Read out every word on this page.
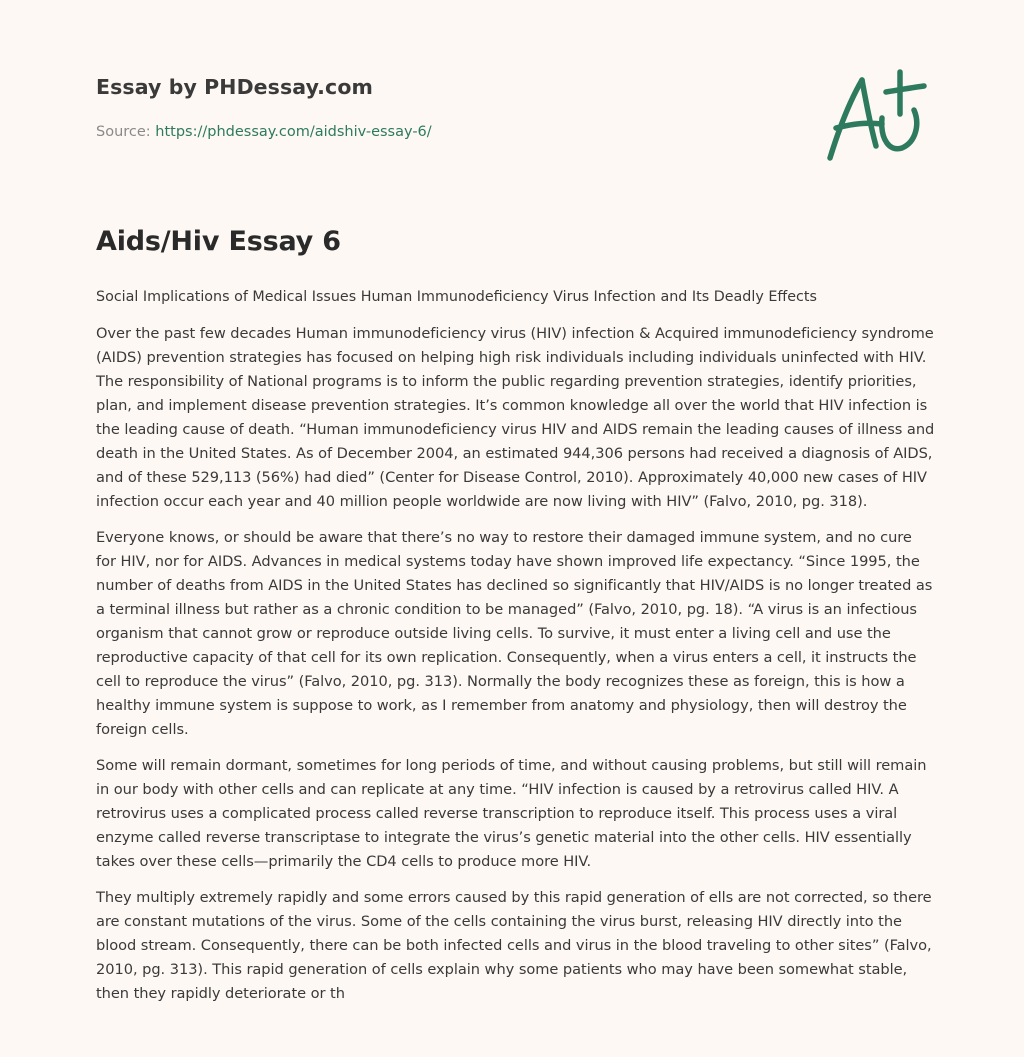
Essay by PHDessay.com
Source: https://phdessay.com/aidshiv-essay-6/
Aids/Hiv Essay 6
Social Implications of Medical Issues Human Immunodeficiency Virus Infection and Its Deadly Effects

Over the past few decades Human immunodeficiency virus (HIV) infection & Acquired immunodeficiency syndrome (AIDS) prevention strategies has focused on helping high risk individuals including individuals uninfected with HIV. The responsibility of National programs is to inform the public regarding prevention strategies, identify priorities, plan, and implement disease prevention strategies. It’s common knowledge all over the world that HIV infection is the leading cause of death. “Human immunodeficiency virus HIV and AIDS remain the leading causes of illness and death in the United States. As of December 2004, an estimated 944,306 persons had received a diagnosis of AIDS, and of these 529,113 (56%) had died” (Center for Disease Control, 2010). Approximately 40,000 new cases of HIV infection occur each year and 40 million people worldwide are now living with HIV” (Falvo, 2010, pg. 318).

Everyone knows, or should be aware that there’s no way to restore their damaged immune system, and no cure for HIV, nor for AIDS. Advances in medical systems today have shown improved life expectancy. “Since 1995, the number of deaths from AIDS in the United States has declined so significantly that HIV/AIDS is no longer treated as a terminal illness but rather as a chronic condition to be managed” (Falvo, 2010, pg. 18). “A virus is an infectious organism that cannot grow or reproduce outside living cells. To survive, it must enter a living cell and use the reproductive capacity of that cell for its own replication. Consequently, when a virus enters a cell, it instructs the cell to reproduce the virus” (Falvo, 2010, pg. 313). Normally the body recognizes these as foreign, this is how a healthy immune system is suppose to work, as I remember from anatomy and physiology, then will destroy the foreign cells.

Some will remain dormant, sometimes for long periods of time, and without causing problems, but still will remain in our body with other cells and can replicate at any time. “HIV infection is caused by a retrovirus called HIV. A retrovirus uses a complicated process called reverse transcription to reproduce itself. This process uses a viral enzyme called reverse transcriptase to integrate the virus’s genetic material into the other cells. HIV essentially takes over these cells—primarily the CD4 cells to produce more HIV.

They multiply extremely rapidly and some errors caused by this rapid generation of ells are not corrected, so there are constant mutations of the virus. Some of the cells containing the virus burst, releasing HIV directly into the blood stream. Consequently, there can be both infected cells and virus in the blood traveling to other sites” (Falvo, 2010, pg. 313). This rapid generation of cells explain why some patients who may have been somewhat stable, then they rapidly deteriorate or th
